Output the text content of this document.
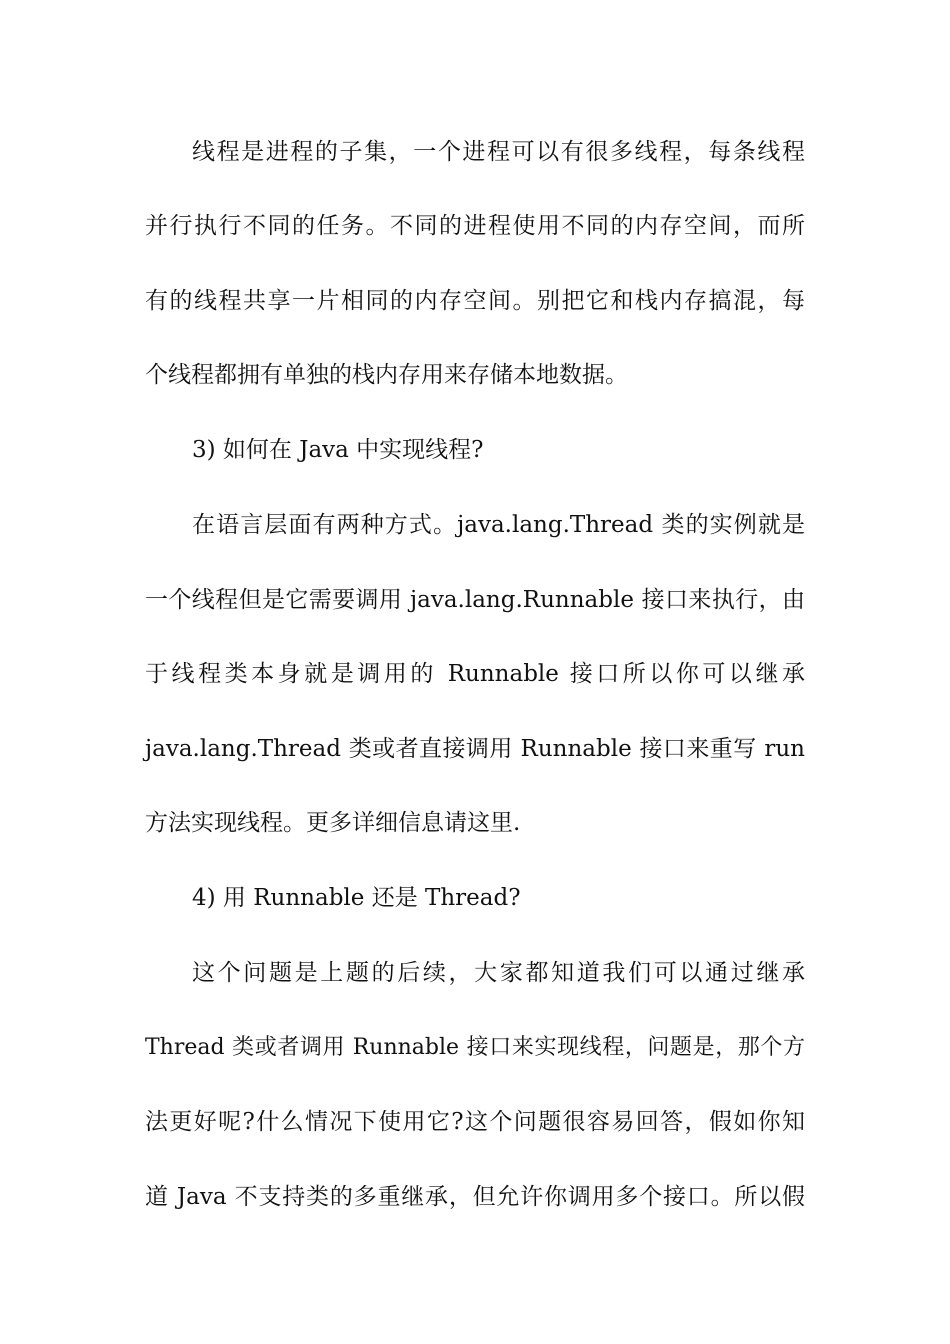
线程是进程的子集，一个进程可以有很多线程，每条线程
并行执行不同的任务。不同的进程使用不同的内存空间，而所
有的线程共享一片相同的内存空间。别把它和栈内存搞混，每
个线程都拥有单独的栈内存用来存储本地数据。
3) 如何在 Java 中实现线程?
在语言层面有两种方式。java.lang.Thread 类的实例就是
一个线程但是它需要调用 java.lang.Runnable 接口来执行，由
于线程类本身就是调用的 Runnable 接口所以你可以继承
java.lang.Thread 类或者直接调用 Runnable 接口来重写 run
方法实现线程。更多详细信息请这里.
4) 用 Runnable 还是 Thread?
这个问题是上题的后续，大家都知道我们可以通过继承
Thread 类或者调用 Runnable 接口来实现线程，问题是，那个方
法更好呢?什么情况下使用它?这个问题很容易回答，假如你知
道 Java 不支持类的多重继承，但允许你调用多个接口。所以假
